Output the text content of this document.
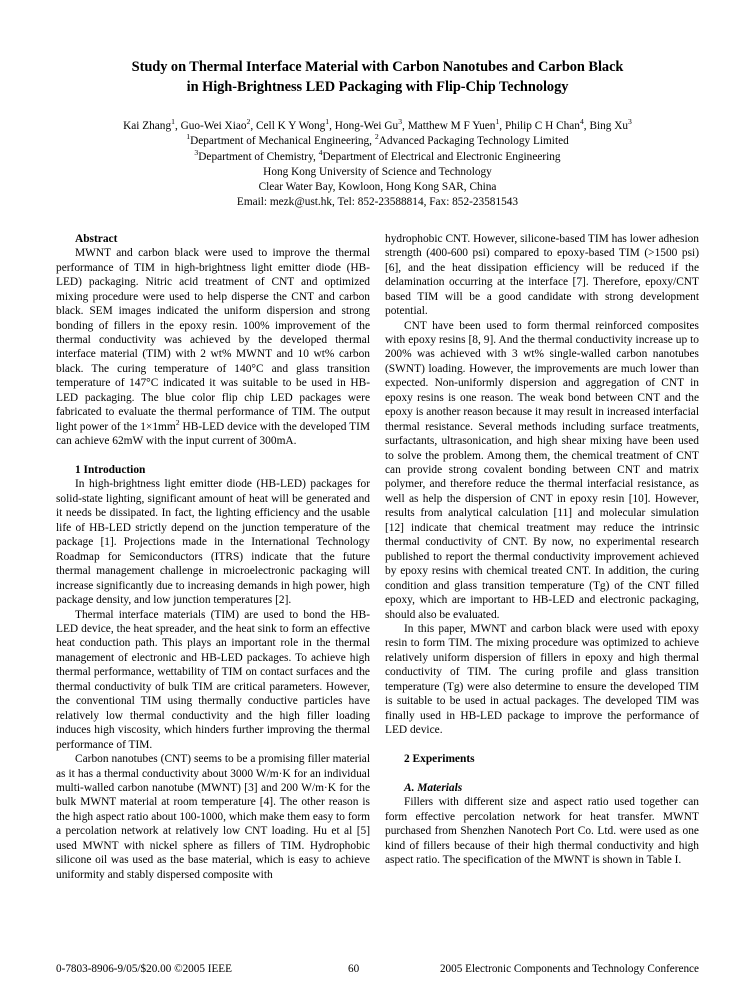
Study on Thermal Interface Material with Carbon Nanotubes and Carbon Black
in High-Brightness LED Packaging with Flip-Chip Technology
Kai Zhang$^1$, Guo-Wei Xiao$^2$, Cell K Y Wong$^1$, Hong-Wei Gu$^3$, Matthew M F Yuen$^1$, Philip C H Chan$^4$, Bing Xu$^3$
$^1$Department of Mechanical Engineering, $^2$Advanced Packaging Technology Limited
$^3$Department of Chemistry, $^4$Department of Electrical and Electronic Engineering
Hong Kong University of Science and Technology
Clear Water Bay, Kowloon, Hong Kong SAR, China
Email: mezk@ust.hk, Tel: 852-23588814, Fax: 852-23581543

Abstract

MWNT and carbon black were used to improve the thermal performance of TIM in high-brightness light emitter diode (HB-LED) packaging. Nitric acid treatment of CNT and optimized mixing procedure were used to help disperse the CNT and carbon black. SEM images indicated the uniform dispersion and strong bonding of fillers in the epoxy resin. 100% improvement of the thermal conductivity was achieved by the developed thermal interface material (TIM) with 2 wt% MWNT and 10 wt% carbon black. The curing temperature of 140°C and glass transition temperature of 147°C indicated it was suitable to be used in HB-LED packaging. The blue color flip chip LED packages were fabricated to evaluate the thermal performance of TIM. The output light power of the $1\times 1mm^2$ HB-LED device with the developed TIM can achieve 62mW with the input current of 300mA.

1 Introduction

In high-brightness light emitter diode (HB-LED) packages for solid-state lighting, significant amount of heat will be generated and it needs be dissipated. In fact, the lighting efficiency and the usable life of HB-LED strictly depend on the junction temperature of the package [1]. Projections made in the International Technology Roadmap for Semiconductors (ITRS) indicate that the future thermal management challenge in microelectronic packaging will increase significantly due to increasing demands in high power, high package density, and low junction temperatures [2].

Thermal interface materials (TIM) are used to bond the HB-LED device, the heat spreader, and the heat sink to form an effective heat conduction path. This plays an important role in the thermal management of electronic and HB-LED packages. To achieve high thermal performance, wettability of TIM on contact surfaces and the thermal conductivity of bulk TIM are critical parameters. However, the conventional TIM using thermally conductive particles have relatively low thermal conductivity and the high filler loading induces high viscosity, which hinders further improving the thermal performance of TIM.

Carbon nanotubes (CNT) seems to be a promising filler material as it has a thermal conductivity about 3000 W/m·K for an individual multi-walled carbon nanotube (MWNT) [3] and 200 W/m·K for the bulk MWNT material at room temperature [4]. The other reason is the high aspect ratio about 100-1000, which make them easy to form a percolation network at relatively low CNT loading. Hu et al [5] used MWNT with nickel sphere as fillers of TIM. Hydrophobic silicone oil was used as the base material, which is easy to achieve uniformity and stably dispersed composite with

hydrophobic CNT. However, silicone-based TIM has lower adhesion strength (400-600 psi) compared to epoxy-based TIM (>1500 psi) [6], and the heat dissipation efficiency will be reduced if the delamination occurring at the interface [7]. Therefore, epoxy/CNT based TIM will be a good candidate with strong development potential.

CNT have been used to form thermal reinforced composites with epoxy resins [8, 9]. And the thermal conductivity increase up to 200% was achieved with 3 wt% single-walled carbon nanotubes (SWNT) loading. However, the improvements are much lower than expected. Non-uniformly dispersion and aggregation of CNT in epoxy resins is one reason. The weak bond between CNT and the epoxy is another reason because it may result in increased interfacial thermal resistance. Several methods including surface treatments, surfactants, ultrasonication, and high shear mixing have been used to solve the problem. Among them, the chemical treatment of CNT can provide strong covalent bonding between CNT and matrix polymer, and therefore reduce the thermal interfacial resistance, as well as help the dispersion of CNT in epoxy resin [10]. However, results from analytical calculation [11] and molecular simulation [12] indicate that chemical treatment may reduce the intrinsic thermal conductivity of CNT. By now, no experimental research published to report the thermal conductivity improvement achieved by epoxy resins with chemical treated CNT. In addition, the curing condition and glass transition temperature (Tg) of the CNT filled epoxy, which are important to HB-LED and electronic packaging, should also be evaluated.

In this paper, MWNT and carbon black were used with epoxy resin to form TIM. The mixing procedure was optimized to achieve relatively uniform dispersion of fillers in epoxy and high thermal conductivity of TIM. The curing profile and glass transition temperature (Tg) were also determine to ensure the developed TIM is suitable to be used in actual packages. The developed TIM was finally used in HB-LED package to improve the performance of LED device.

2 Experiments

A. Materials

Fillers with different size and aspect ratio used together can form effective percolation network for heat transfer. MWNT purchased from Shenzhen Nanotech Port Co. Ltd. were used as one kind of fillers because of their high thermal conductivity and high aspect ratio. The specification of the MWNT is shown in Table I.

0-7803-8906-9/05/$20.00 ©2005 IEEE	60	2005 Electronic Components and Technology Conference
